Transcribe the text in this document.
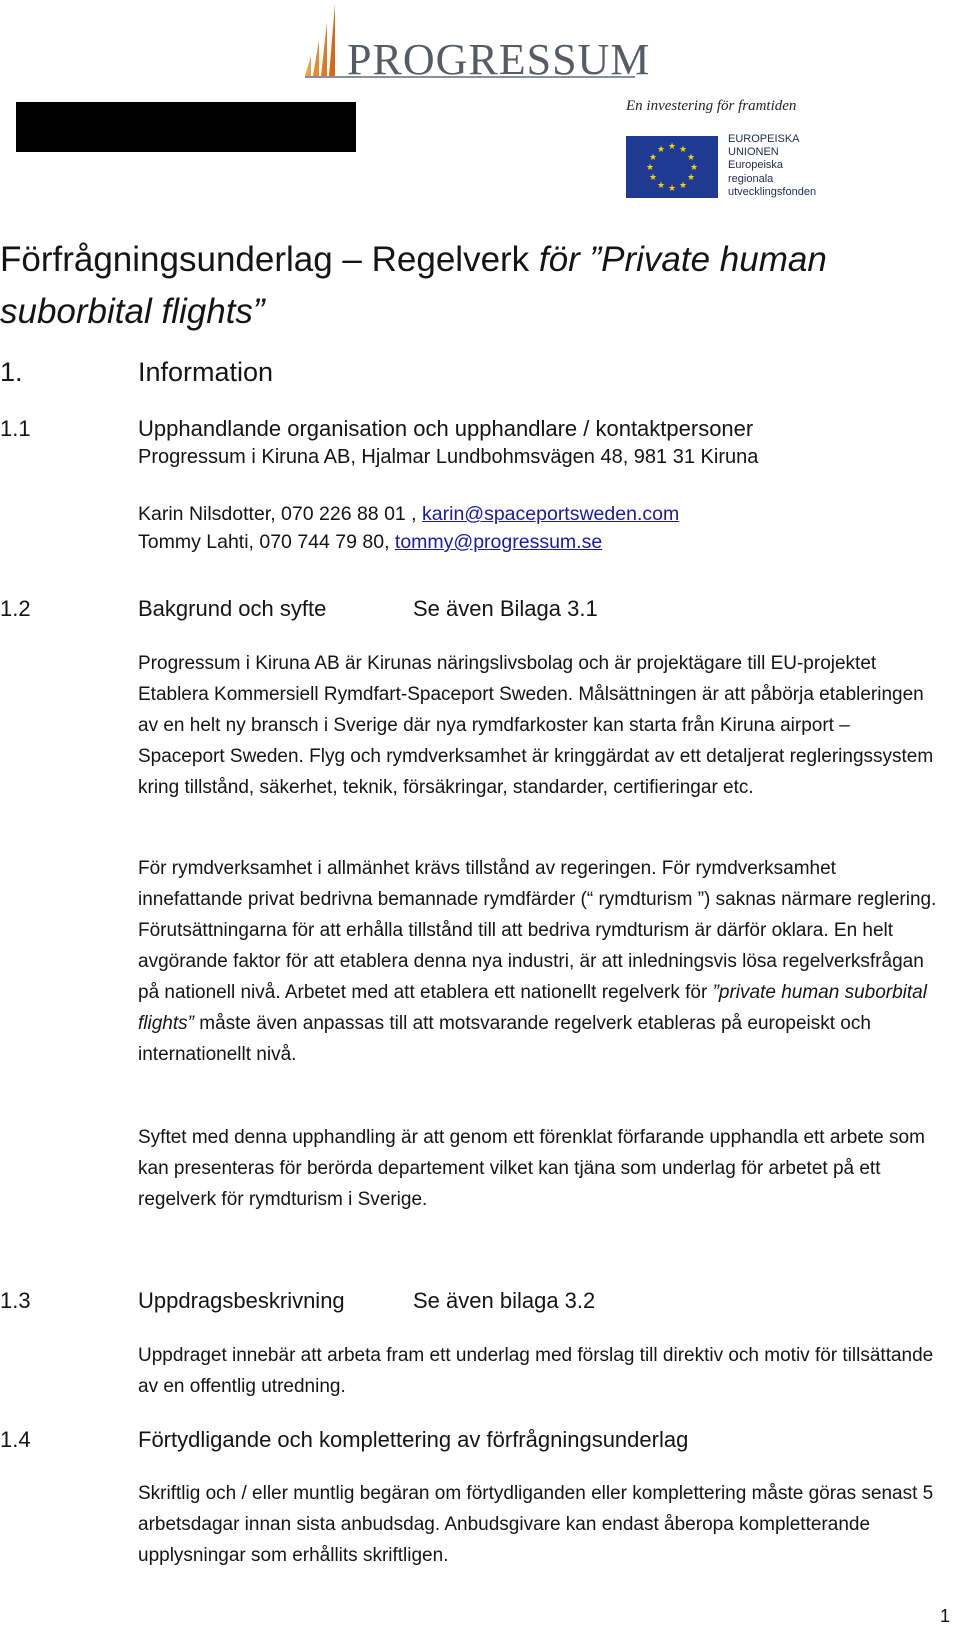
PROGRESSUM
En investering för framtiden
★ ★
★
★
★
★
★
★
★
★
★
★
EUROPEISKA
UNIONEN
Europeiska
regionala
utvecklingsfonden
Förfrågningsunderlag – Regelverk för ”Private human suborbital flights”
1.	Information
1.1	Upphandlande organisation och upphandlare / kontaktpersoner
Progressum i Kiruna AB, Hjalmar Lundbohmsvägen 48, 981 31 Kiruna
Karin Nilsdotter, 070 226 88 01 , karin@spaceportsweden.com
Tommy Lahti, 070 744 79 80, tommy@progressum.se
1.2	Bakgrund och syfte	Se även Bilaga 3.1

Progressum i Kiruna AB är Kirunas näringslivsbolag och är projektägare till EU-projektet Etablera Kommersiell Rymdfart-Spaceport Sweden. Målsättningen är att påbörja etableringen av en helt ny bransch i Sverige där nya rymdfarkoster kan starta från Kiruna airport – Spaceport Sweden. Flyg och rymdverksamhet är kringgärdat av ett detaljerat regleringssystem kring tillstånd, säkerhet, teknik, försäkringar, standarder, certifieringar etc.

För rymdverksamhet i allmänhet krävs tillstånd av regeringen. För rymdverksamhet innefattande privat bedrivna bemannade rymdfärder (“ rymdturism ”) saknas närmare reglering. Förutsättningarna för att erhålla tillstånd till att bedriva rymdturism är därför oklara. En helt avgörande faktor för att etablera denna nya industri, är att inledningsvis lösa regelverksfrågan på nationell nivå. Arbetet med att etablera ett nationellt regelverk för ”private human suborbital flights” måste även anpassas till att motsvarande regelverk etableras på europeiskt och internationellt nivå.

Syftet med denna upphandling är att genom ett förenklat förfarande upphandla ett arbete som kan presenteras för berörda departement vilket kan tjäna som underlag för arbetet på ett regelverk för rymdturism i Sverige.

1.3	Uppdragsbeskrivning	Se även bilaga 3.2

Uppdraget innebär att arbeta fram ett underlag med förslag till direktiv och motiv för tillsättande av en offentlig utredning.

1.4	Förtydligande och komplettering av förfrågningsunderlag

Skriftlig och / eller muntlig begäran om förtydliganden eller komplettering måste göras senast 5 arbetsdagar innan sista anbudsdag. Anbudsgivare kan endast åberopa kompletterande upplysningar som erhållits skriftligen.

1
